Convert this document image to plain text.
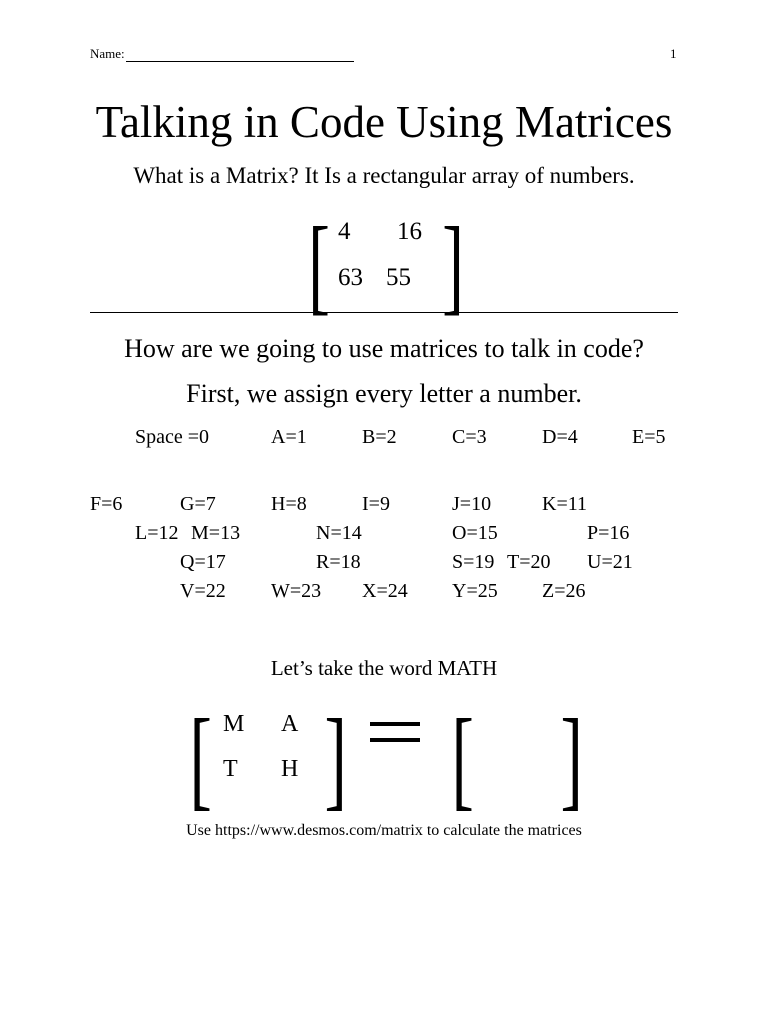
Name:	1
Talking in Code Using Matrices
What is a Matrix? It Is a rectangular array of numbers.
[ ]
4 16
63 55
How are we going to use matrices to talk in code?
First, we assign every letter a number.
Space =0	A=1	B=2	C=3	D=4	E=5
F=6	G=7	H=8	I=9	J=10	K=11
L=12 M=13	N=14	O=15	P=16
Q=17	R=18	S=19 T=20 U=21
V=22 W=23 X=24 Y=25 Z=26
Let’s take the word MATH
[ ]
M A
T H [ ]
Use https://www.desmos.com/matrix to calculate the matrices
